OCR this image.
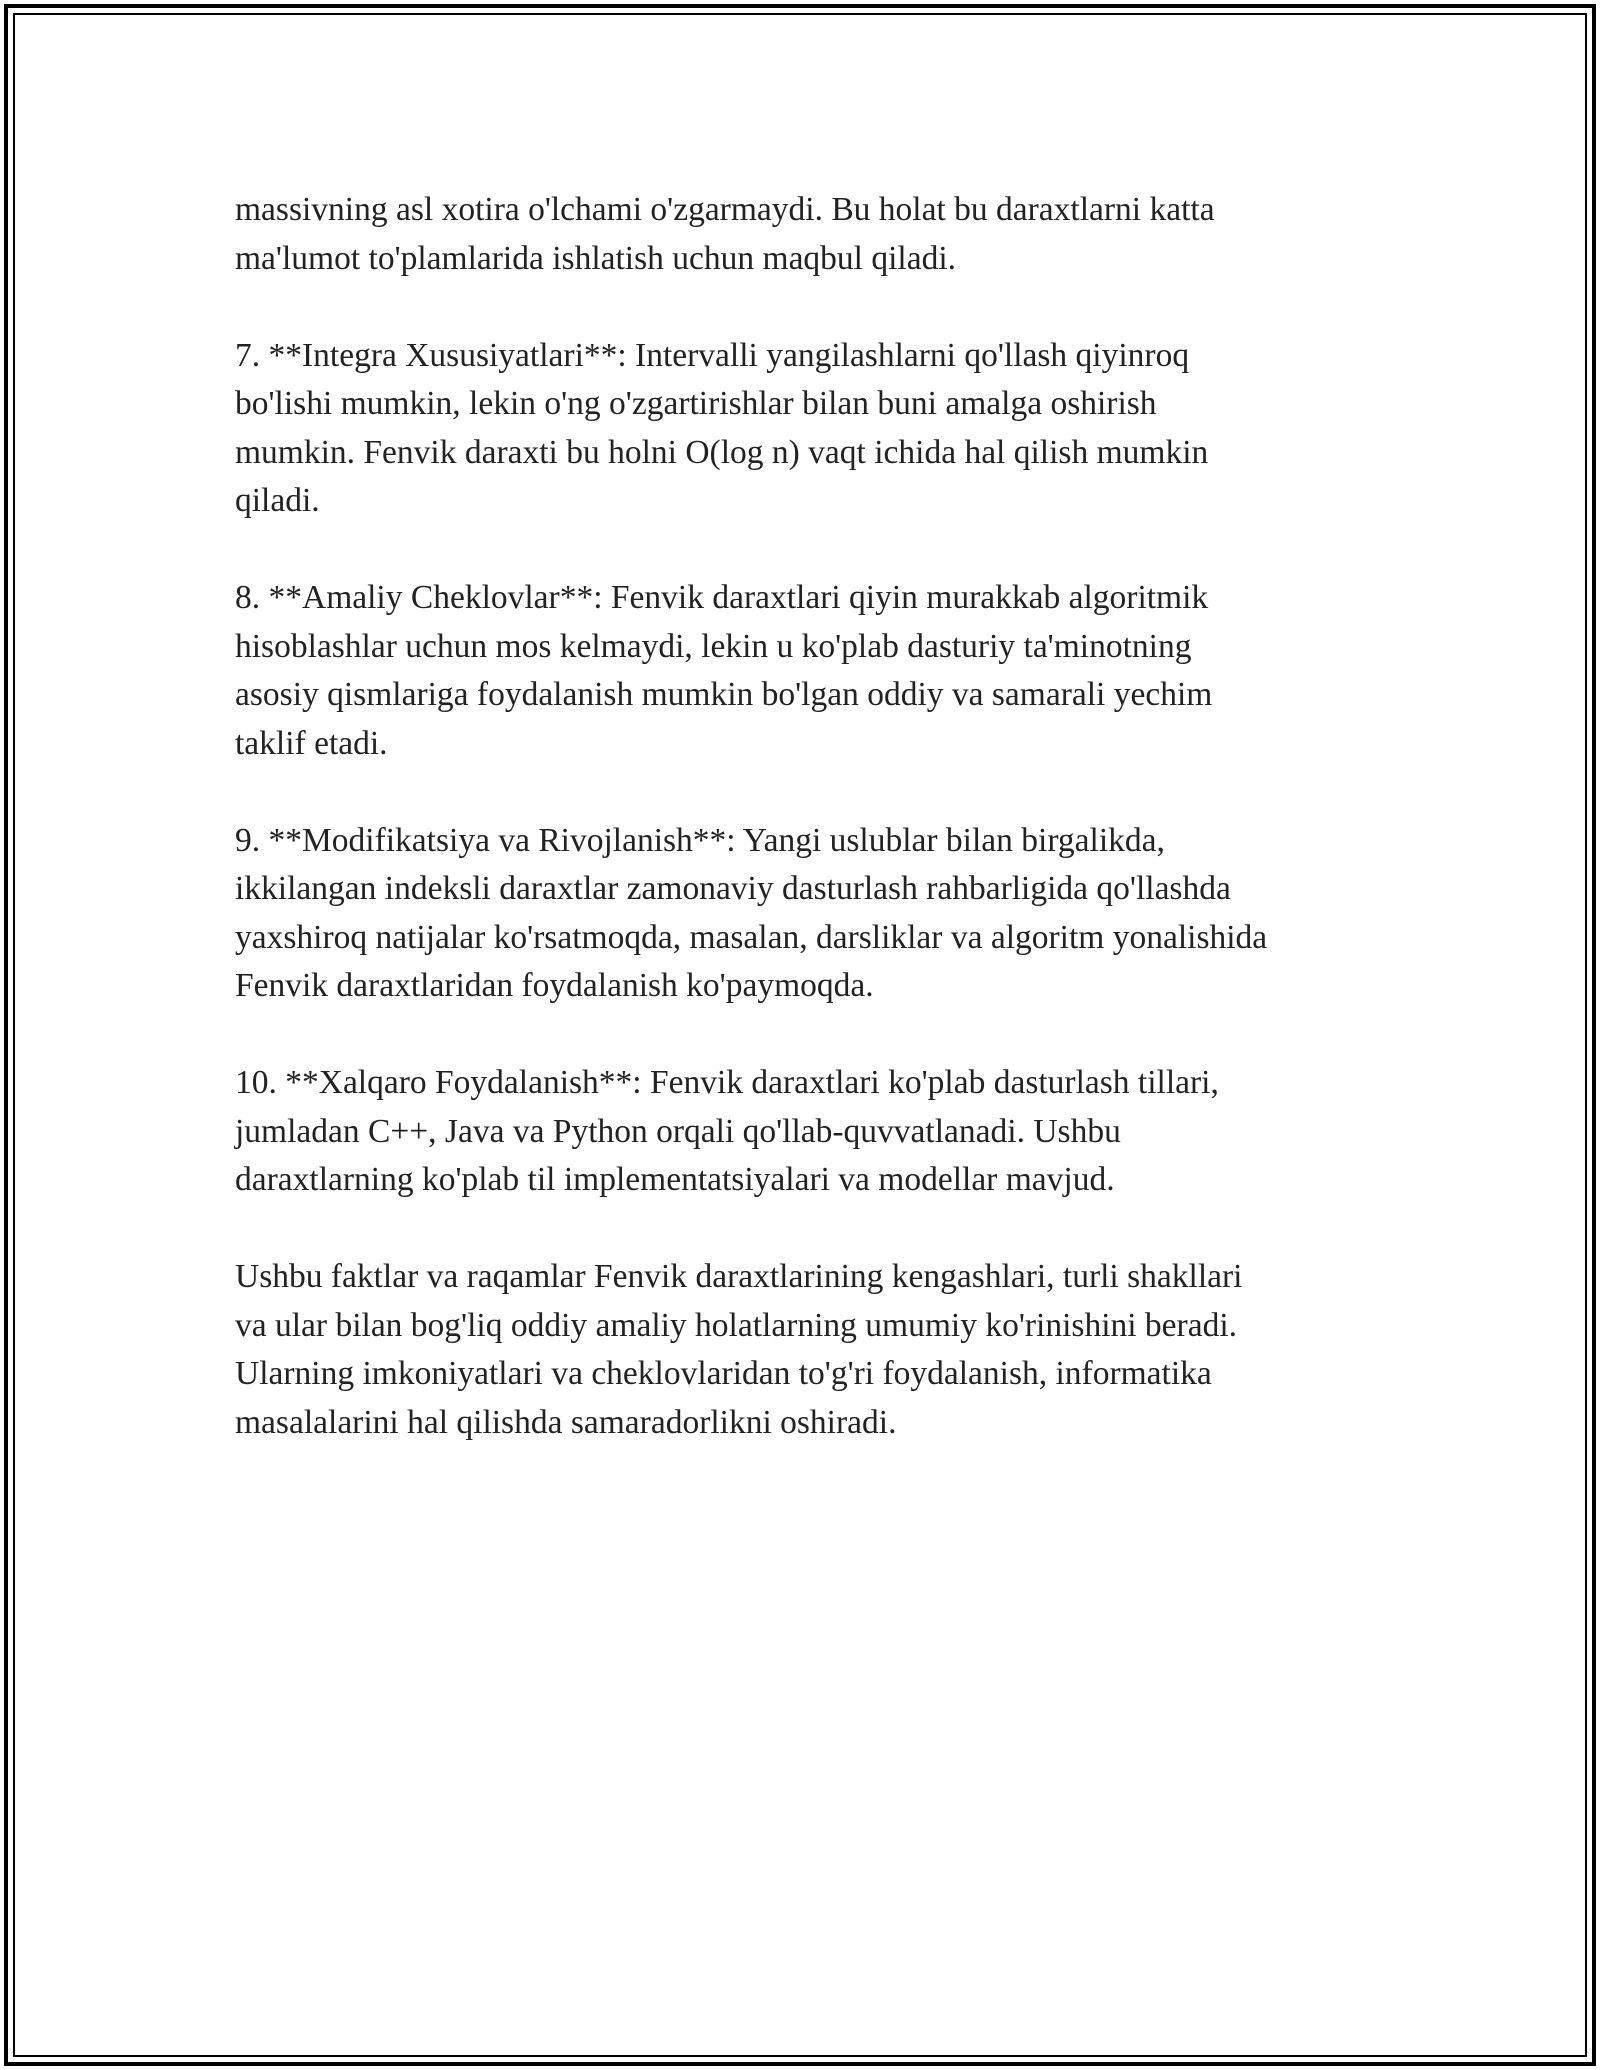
massivning asl xotira o'lchami o'zgarmaydi. Bu holat bu daraxtlarni katta
ma'lumot to'plamlarida ishlatish uchun maqbul qiladi.

7. **Integra Xususiyatlari**: Intervalli yangilashlarni qo'llash qiyinroq
bo'lishi mumkin, lekin o'ng o'zgartirishlar bilan buni amalga oshirish
mumkin. Fenvik daraxti bu holni O(log n) vaqt ichida hal qilish mumkin
qiladi.

8. **Amaliy Cheklovlar**: Fenvik daraxtlari qiyin murakkab algoritmik
hisoblashlar uchun mos kelmaydi, lekin u ko'plab dasturiy ta'minotning
asosiy qismlariga foydalanish mumkin bo'lgan oddiy va samarali yechim
taklif etadi.

9. **Modifikatsiya va Rivojlanish**: Yangi uslublar bilan birgalikda,
ikkilangan indeksli daraxtlar zamonaviy dasturlash rahbarligida qo'llashda
yaxshiroq natijalar ko'rsatmoqda, masalan, darsliklar va algoritm yonalishida
Fenvik daraxtlaridan foydalanish ko'paymoqda.

10. **Xalqaro Foydalanish**: Fenvik daraxtlari ko'plab dasturlash tillari,
jumladan C++, Java va Python orqali qo'llab-quvvatlanadi. Ushbu
daraxtlarning ko'plab til implementatsiyalari va modellar mavjud.

Ushbu faktlar va raqamlar Fenvik daraxtlarining kengashlari, turli shakllari
va ular bilan bog'liq oddiy amaliy holatlarning umumiy ko'rinishini beradi.
Ularning imkoniyatlari va cheklovlaridan to'g'ri foydalanish, informatika
masalalarini hal qilishda samaradorlikni oshiradi.
